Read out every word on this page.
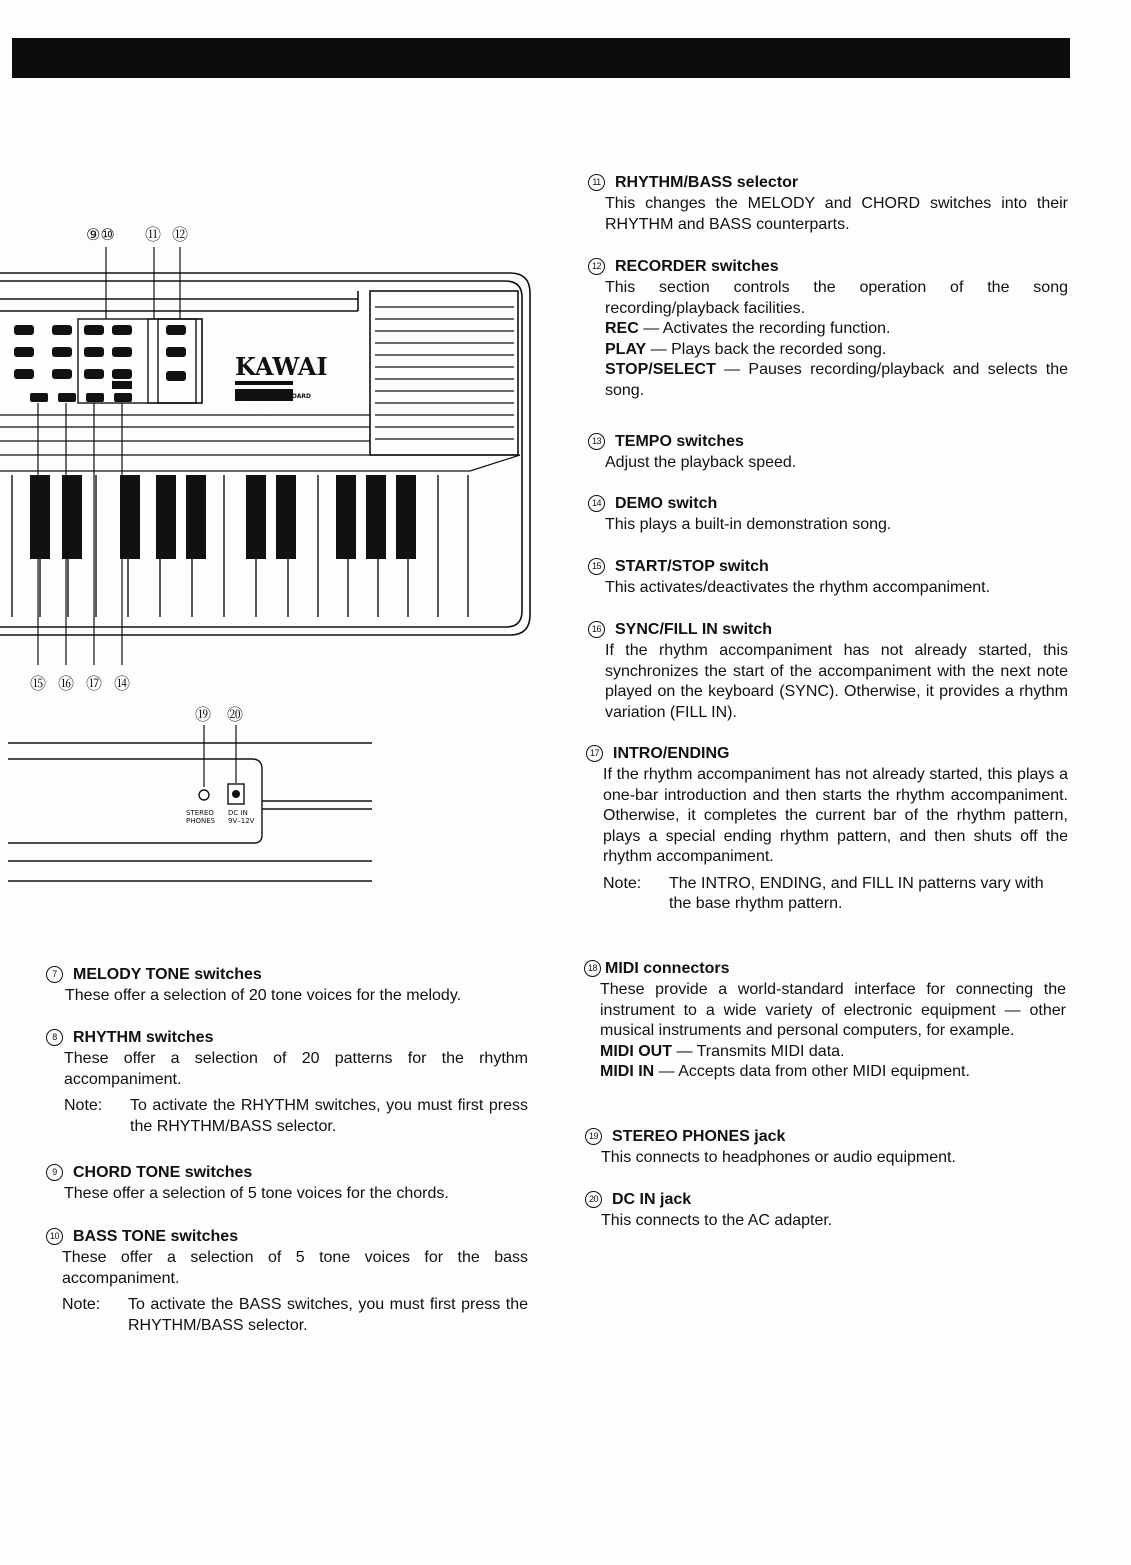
KAWAI
⑨⑩ ⑪ ⑫
⑮ ⑯ ⑰ ⑭
⑲ ⑳
PERSONAL KEYBOARD
MK 40
STEREO
PHONES
DC IN
9V–12V
7	MELODY TONE switches

These offer a selection of 20 tone voices for the melody.

8	RHYTHM switches

These offer a selection of 20 patterns for the rhythm accompaniment.

Note:	To activate the RHYTHM switches, you must first press the RHYTHM/BASS selector.
9	CHORD TONE switches

These offer a selection of 5 tone voices for the chords.

10 BASS TONE switches

These offer a selection of 5 tone voices for the bass accompaniment.

Note:	To activate the BASS switches, you must first press the RHYTHM/BASS selector.
11 RHYTHM/BASS selector

This changes the MELODY and CHORD switches into their RHYTHM and BASS counterparts.

12 RECORDER switches

This section controls the operation of the song recording/playback facilities.

REC — Activates the recording function.

PLAY — Plays back the recorded song.

STOP/SELECT — Pauses recording/playback and selects the song.

13 TEMPO switches

Adjust the playback speed.

14 DEMO switch

This plays a built-in demonstration song.

15 START/STOP switch

This activates/deactivates the rhythm accompaniment.

16 SYNC/FILL IN switch

If the rhythm accompaniment has not already started, this synchronizes the start of the accompaniment with the next note played on the keyboard (SYNC). Otherwise, it provides a rhythm variation (FILL IN).

17 INTRO/ENDING

If the rhythm accompaniment has not already started, this plays a one-bar introduction and then starts the rhythm accompaniment. Otherwise, it completes the current bar of the rhythm pattern, plays a special ending rhythm pattern, and then shuts off the rhythm accompaniment.

Note:	The INTRO, ENDING, and FILL IN patterns vary with the base rhythm pattern.
18 MIDI connectors

These provide a world-standard interface for connecting the instrument to a wide variety of electronic equipment — other musical instruments and personal computers, for example.

MIDI OUT — Transmits MIDI data.

MIDI IN — Accepts data from other MIDI equipment.

19 STEREO PHONES jack

This connects to headphones or audio equipment.

20 DC IN jack

This connects to the AC adapter.
